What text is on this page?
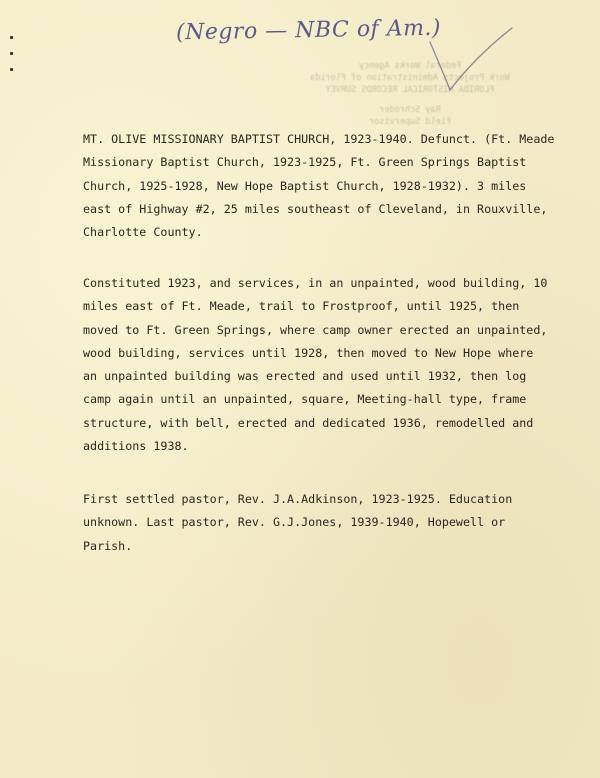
(Negro — NBC of Am.)
Federal Works Agency
Work Projects Administration of Florida
FLORIDA HISTORICAL RECORDS SURVEY
Ray Schroder
Field Supervisor
MT. OLIVE MISSIONARY BAPTIST CHURCH, 1923-1940. Defunct. (Ft. Meade
Missionary Baptist Church, 1923-1925, Ft. Green Springs Baptist
Church, 1925-1928, New Hope Baptist Church, 1928-1932). 3 miles
east of Highway #2, 25 miles southeast of Cleveland, in Rouxville,
Charlotte County.
Constituted 1923, and services, in an unpainted, wood building, 10
miles east of Ft. Meade, trail to Frostproof, until 1925, then
moved to Ft. Green Springs, where camp owner erected an unpainted,
wood building, services until 1928, then moved to New Hope where
an unpainted building was erected and used until 1932, then log
camp again until an unpainted, square, Meeting-hall type, frame
structure, with bell, erected and dedicated 1936, remodelled and
additions 1938.
First settled pastor, Rev. J.A.Adkinson, 1923-1925. Education
unknown. Last pastor, Rev. G.J.Jones, 1939-1940, Hopewell or
Parish.
